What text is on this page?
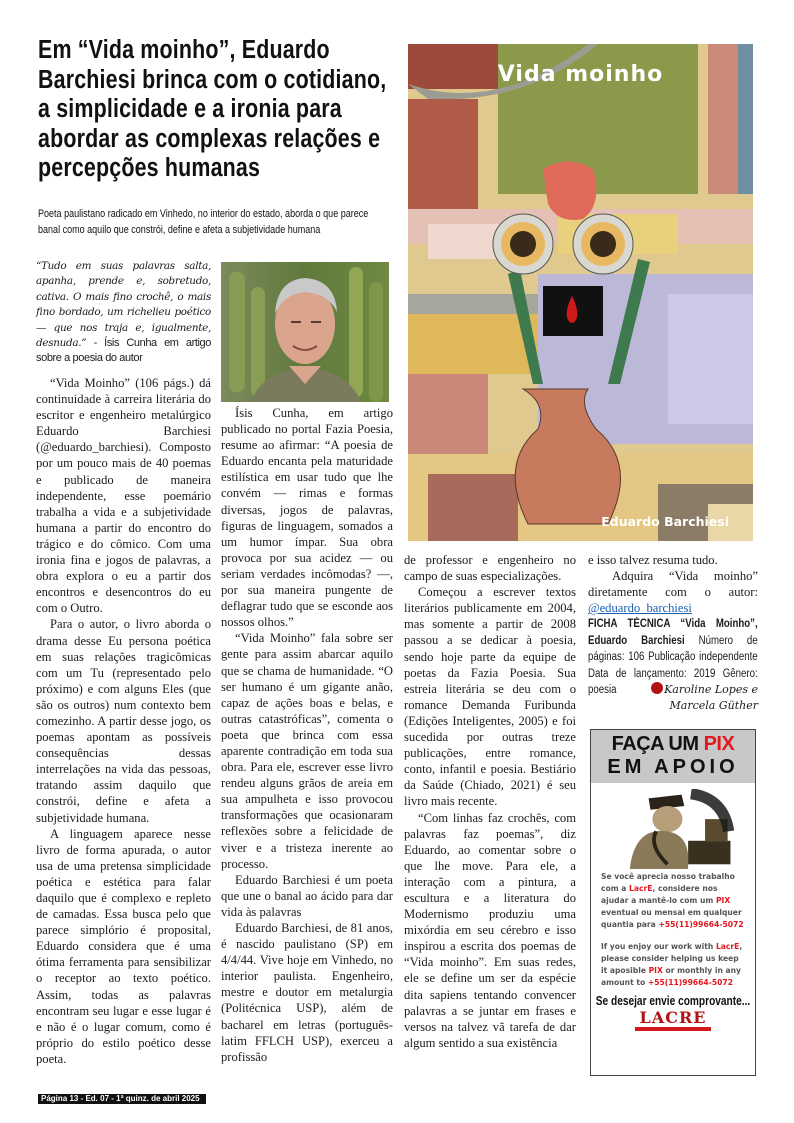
Em “Vida moinho”, Eduardo Barchiesi brinca com o cotidiano, a simplicidade e a ironia para abordar as complexas relações e percepções humanas
Poeta paulistano radicado em Vinhedo, no interior do estado, aborda o que parece banal como aquilo que constrói, define e afeta a subjetividade humana
“Tudo em suas palavras salta, apanha, prende e, sobretudo, cativa. O mais fino crochê, o mais fino bordado, um richelieu poético — que nos traja e, igualmente, desnuda.” - Ísis Cunha em artigo sobre a poesia do autor
Vida moinho
Eduardo Barchiesi

“Vida Moinho” (106 págs.) dá continuidade à carreira literária do escritor e engenheiro metalúrgico Eduardo Barchiesi (@eduardo_barchiesi). Composto por um pouco mais de 40 poemas e publicado de maneira independente, esse poemário trabalha a vida e a subjetividade humana a partir do encontro do trágico e do cômico. Com uma ironia fina e jogos de palavras, a obra explora o eu a partir dos encontros e desencontros do eu com o Outro.

Para o autor, o livro aborda o drama desse Eu persona poética em suas relações tragicômicas com um Tu (representado pelo próximo) e com alguns Eles (que são os outros) num contexto bem comezinho. A partir desse jogo, os poemas apontam as possíveis consequências dessas interrelações na vida das pessoas, tratando assim daquilo que constrói, define e afeta a subjetividade humana.

A linguagem aparece nesse livro de forma apurada, o autor usa de uma pretensa simplicidade poética e estética para falar daquilo que é complexo e repleto de camadas. Essa busca pelo que parece simplório é proposital, Eduardo considera que é uma ótima ferramenta para sensibilizar o receptor ao texto poético. Assim, todas as palavras encontram seu lugar e esse lugar é e não é o lugar comum, como é próprio do estilo poético desse poeta.

Ísis Cunha, em artigo publicado no portal Fazia Poesia, resume ao afirmar: “A poesia de Eduardo encanta pela maturidade estilística em usar tudo que lhe convém — rimas e formas diversas, jogos de palavras, figuras de linguagem, somados a um humor ímpar. Sua obra provoca por sua acidez — ou seriam verdades incômodas? —, por sua maneira pungente de deflagrar tudo que se esconde aos nossos olhos.”

“Vida Moinho” fala sobre ser gente para assim abarcar aquilo que se chama de humanidade. “O ser humano é um gigante anão, capaz de ações boas e belas, e outras catastróficas”, comenta o poeta que brinca com essa aparente contradição em toda sua obra. Para ele, escrever esse livro rendeu alguns grãos de areia em sua ampulheta e isso provocou transformações que ocasionaram reflexões sobre a felicidade de viver e a tristeza inerente ao processo.

Eduardo Barchiesi é um poeta que une o banal ao ácido para dar vida às palavras

Eduardo Barchiesi, de 81 anos, é nascido paulistano (SP) em 4/4/44. Vive hoje em Vinhedo, no interior paulista. Engenheiro, mestre e doutor em metalurgia (Politécnica USP), além de bacharel em letras (português-latim FFLCH USP), exerceu a profissão

de professor e engenheiro no campo de suas especializações.

Começou a escrever textos literários publicamente em 2004, mas somente a partir de 2008 passou a se dedicar à poesia, sendo hoje parte da equipe de poetas da Fazia Poesia. Sua estreia literária se deu com o romance Demanda Furibunda (Edições Inteligentes, 2005) e foi sucedida por outras treze publicações, entre romance, conto, infantil e poesia. Bestiário da Saúde (Chiado, 2021) é seu livro mais recente.

“Com linhas faz crochês, com palavras faz poemas”, diz Eduardo, ao comentar sobre o que lhe move. Para ele, a interação com a pintura, a escultura e a literatura do Modernismo produziu uma mixórdia em seu cérebro e isso inspirou a escrita dos poemas de “Vida moinho”. Em suas redes, ele se define um ser da espécie dita sapiens tentando convencer palavras a se juntar em frases e versos na talvez vã tarefa de dar algum sentido a sua existência

e isso talvez resuma tudo.

Adquira “Vida moinho” diretamente com o autor: @eduardo_barchiesi

FICHA TÉCNICA “Vida Moinho”, Eduardo Barchiesi Número de páginas: 106 Publicação independente Data de lançamento: 2019 Gênero: poesia	Karoline Lopes e
Marcela Güther
FAÇA UM PIX
EM APOIO
Se você aprecia nosso trabalho com a LacrE, considere nos ajudar a mantê-lo com um PIX eventual ou mensal em qualquer quantia para +55(11)99664-5072
If you enjoy our work with LacrE, please consider helping us keep it aposible PIX or monthly in any amount to +55(11)99664-5072
Se desejar envie comprovante...
LACRE
Página 13 - Ed. 07 - 1ª quinz. de abril 2025
